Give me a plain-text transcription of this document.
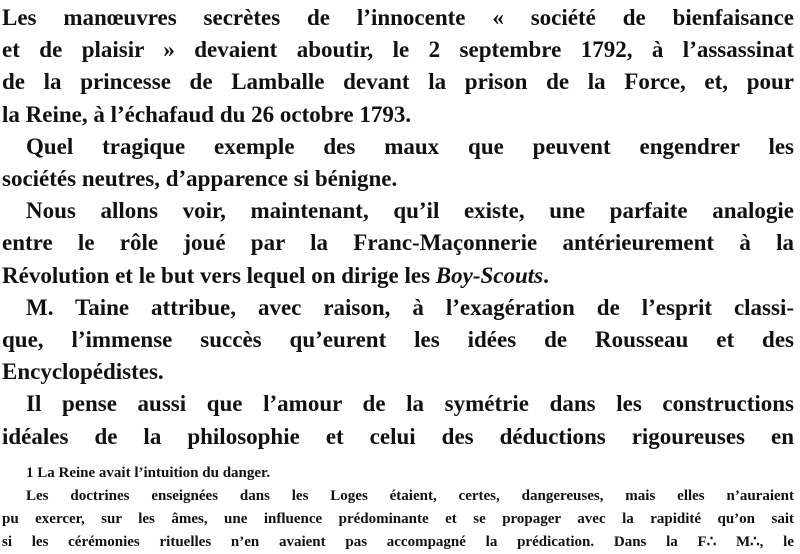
Les manœuvres secrètes de l’innocente « société de bienfaisance
et de plaisir » devaient aboutir, le 2 septembre 1792, à l’assassinat
de la princesse de Lamballe devant la prison de la Force, et, pour
la Reine, à l’échafaud du 26 octobre 1793.
Quel tragique exemple des maux que peuvent engendrer les
sociétés neutres, d’apparence si bénigne.
Nous allons voir, maintenant, qu’il existe, une parfaite analogie
entre le rôle joué par la Franc-Maçonnerie antérieurement à la
Révolution et le but vers lequel on dirige les Boy-Scouts.
M. Taine attribue, avec raison, à l’exagération de l’esprit classi-
que, l’immense succès qu’eurent les idées de Rousseau et des
Encyclopédistes.
Il pense aussi que l’amour de la symétrie dans les constructions
idéales de la philosophie et celui des déductions rigoureuses en
1 La Reine avait l’intuition du danger.
Les doctrines enseignées dans les Loges étaient, certes, dangereuses, mais elles n’auraient
pu exercer, sur les âmes, une influence prédominante et se propager avec la rapidité qu’on sait
si les cérémonies rituelles n’en avaient pas accompagné la prédication. Dans la F∴ M∴, le
